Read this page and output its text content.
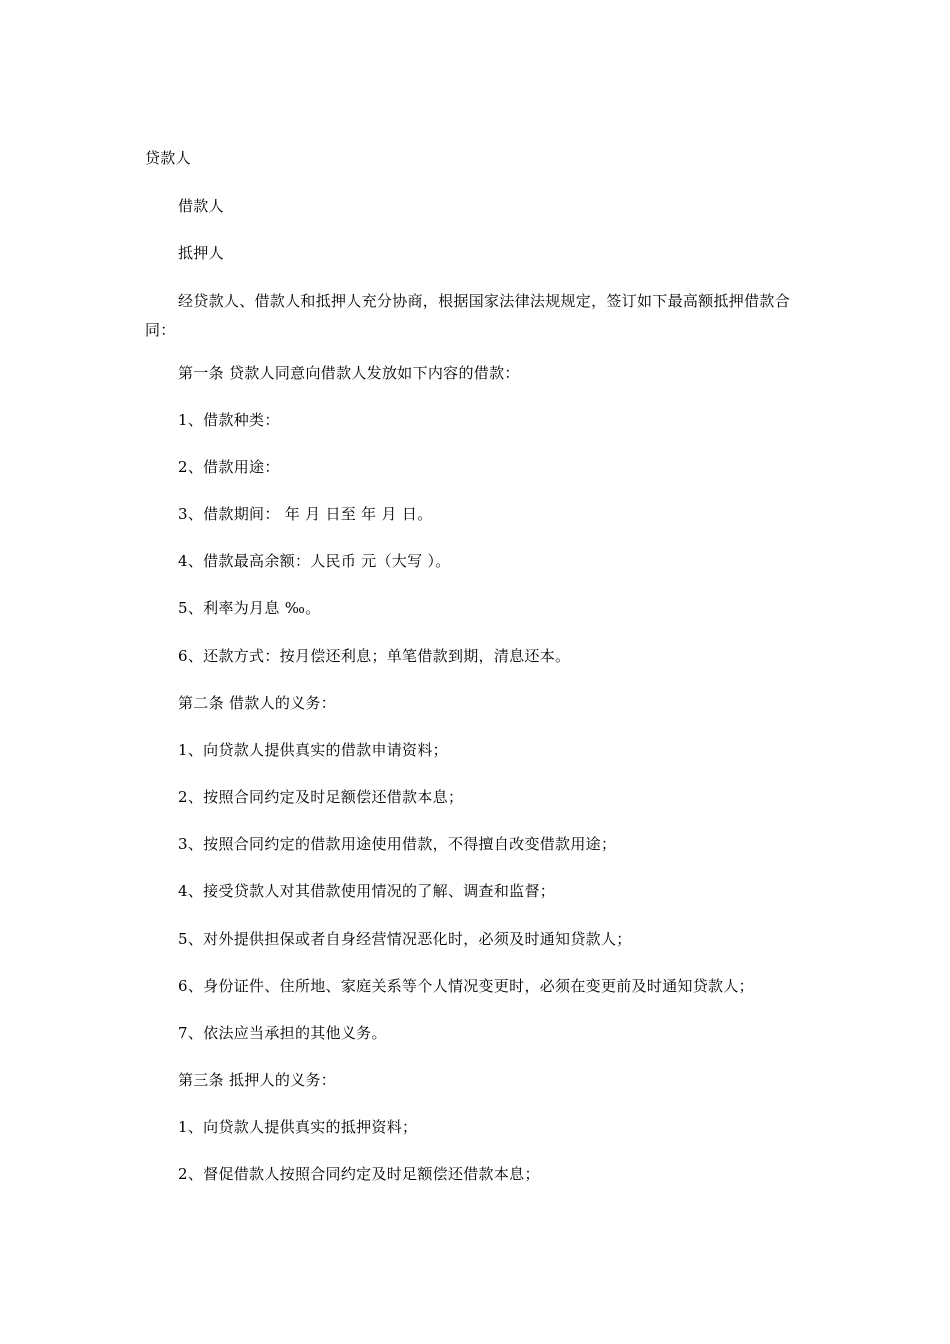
贷款人
借款人
抵押人
经贷款人、借款人和抵押人充分协商，根据国家法律法规规定，签订如下最高额抵押借款合同：
第一条 贷款人同意向借款人发放如下内容的借款：
1、借款种类：
2、借款用途：
3、借款期间： 年 月 日至 年 月 日。
4、借款最高余额：人民币 元（大写 ）。
5、利率为月息 ‰。
6、还款方式：按月偿还利息；单笔借款到期，清息还本。
第二条 借款人的义务：
1、向贷款人提供真实的借款申请资料；
2、按照合同约定及时足额偿还借款本息；
3、按照合同约定的借款用途使用借款，不得擅自改变借款用途；
4、接受贷款人对其借款使用情况的了解、调查和监督；
5、对外提供担保或者自身经营情况恶化时，必须及时通知贷款人；
6、身份证件、住所地、家庭关系等个人情况变更时，必须在变更前及时通知贷款人；
7、依法应当承担的其他义务。
第三条 抵押人的义务：
1、向贷款人提供真实的抵押资料；
2、督促借款人按照合同约定及时足额偿还借款本息；
